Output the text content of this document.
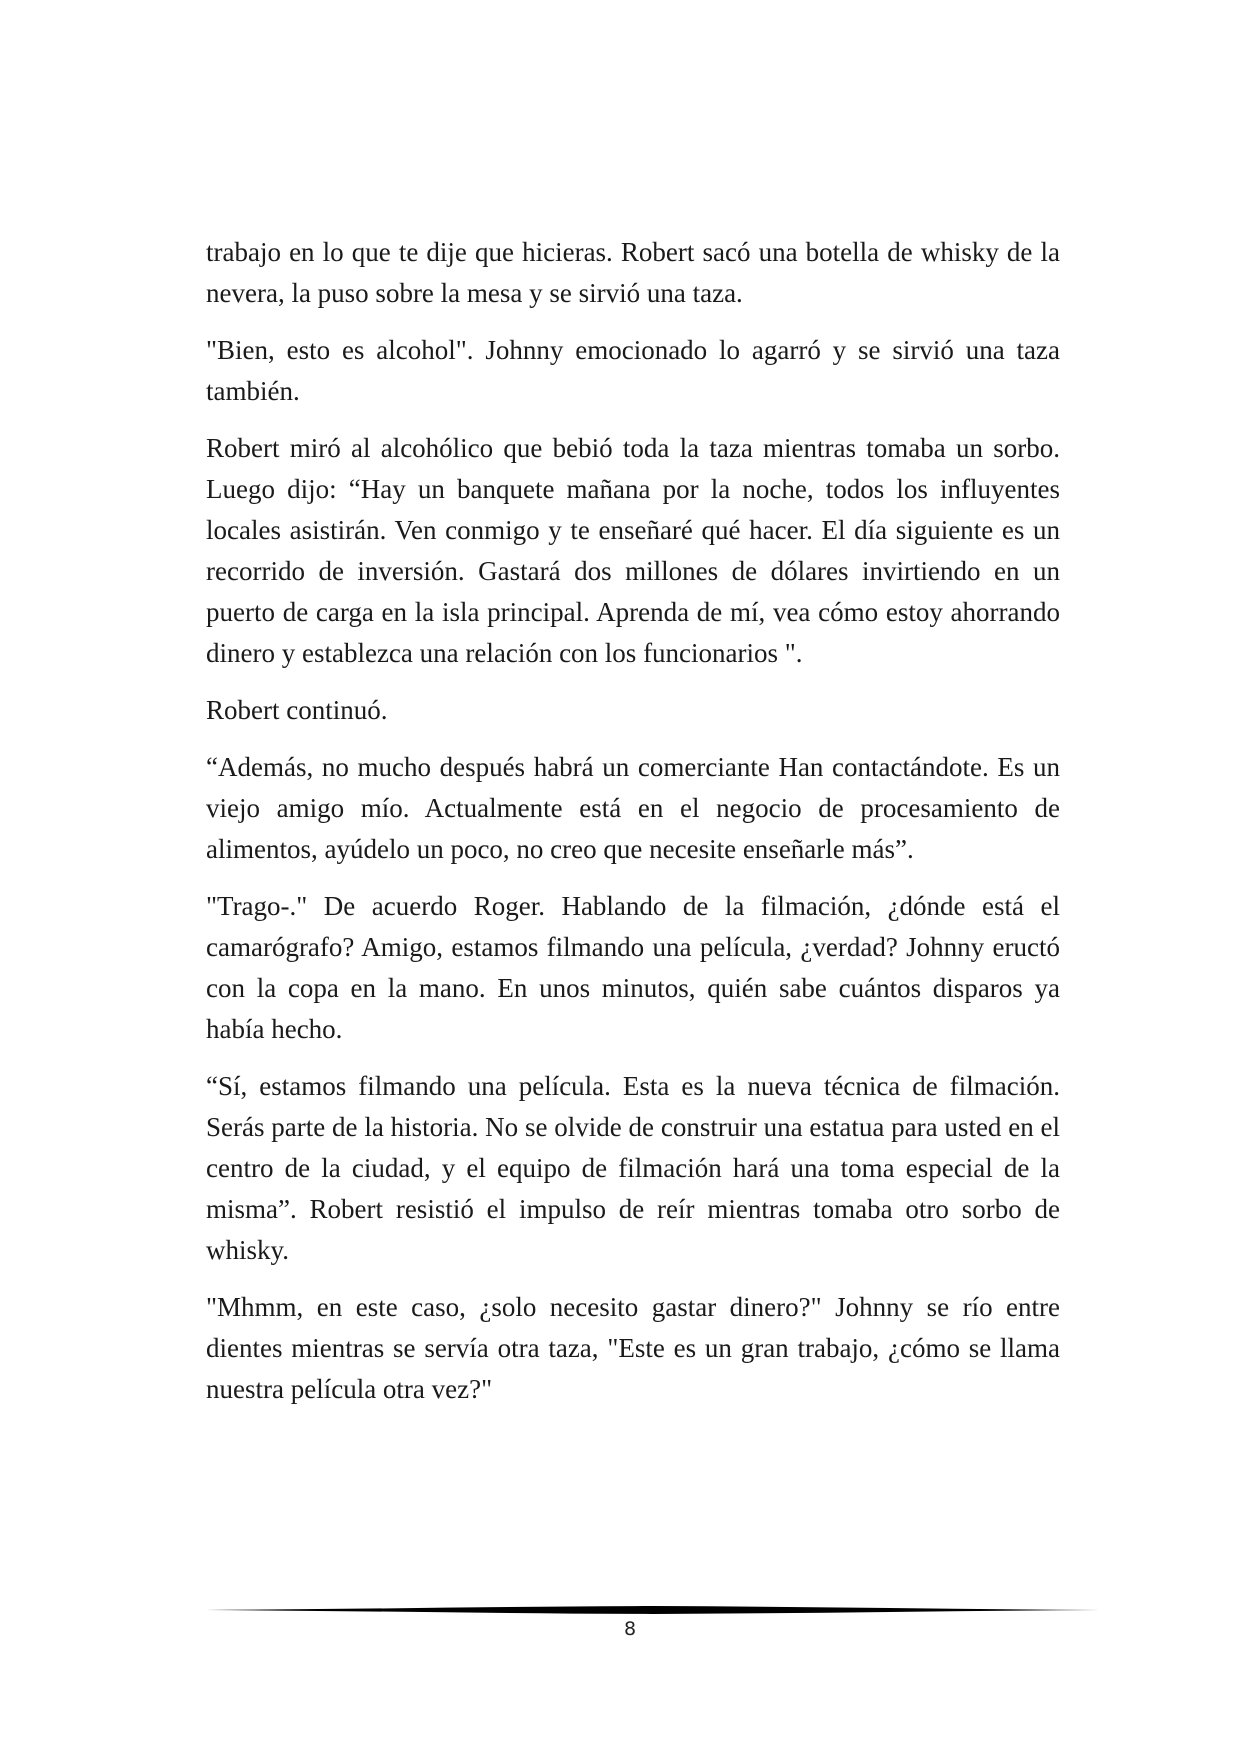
trabajo en lo que te dije que hicieras. Robert sacó una botella de whisky de la nevera, la puso sobre la mesa y se sirvió una taza.

"Bien, esto es alcohol". Johnny emocionado lo agarró y se sirvió una taza también.

Robert miró al alcohólico que bebió toda la taza mientras tomaba un sorbo. Luego dijo: “Hay un banquete mañana por la noche, todos los influyentes locales asistirán. Ven conmigo y te enseñaré qué hacer. El día siguiente es un recorrido de inversión. Gastará dos millones de dólares invirtiendo en un puerto de carga en la isla principal. Aprenda de mí, vea cómo estoy ahorrando dinero y establezca una relación con los funcionarios ".

Robert continuó.

“Además, no mucho después habrá un comerciante Han contactándote. Es un viejo amigo mío. Actualmente está en el negocio de procesamiento de alimentos, ayúdelo un poco, no creo que necesite enseñarle más”.

"Trago-." De acuerdo Roger. Hablando de la filmación, ¿dónde está el camarógrafo? Amigo, estamos filmando una película, ¿verdad? Johnny eructó con la copa en la mano. En unos minutos, quién sabe cuántos disparos ya había hecho.

“Sí, estamos filmando una película. Esta es la nueva técnica de filmación. Serás parte de la historia. No se olvide de construir una estatua para usted en el centro de la ciudad, y el equipo de filmación hará una toma especial de la misma”. Robert resistió el impulso de reír mientras tomaba otro sorbo de whisky.

"Mhmm, en este caso, ¿solo necesito gastar dinero?" Johnny se río entre dientes mientras se servía otra taza, "Este es un gran trabajo, ¿cómo se llama nuestra película otra vez?"

8
